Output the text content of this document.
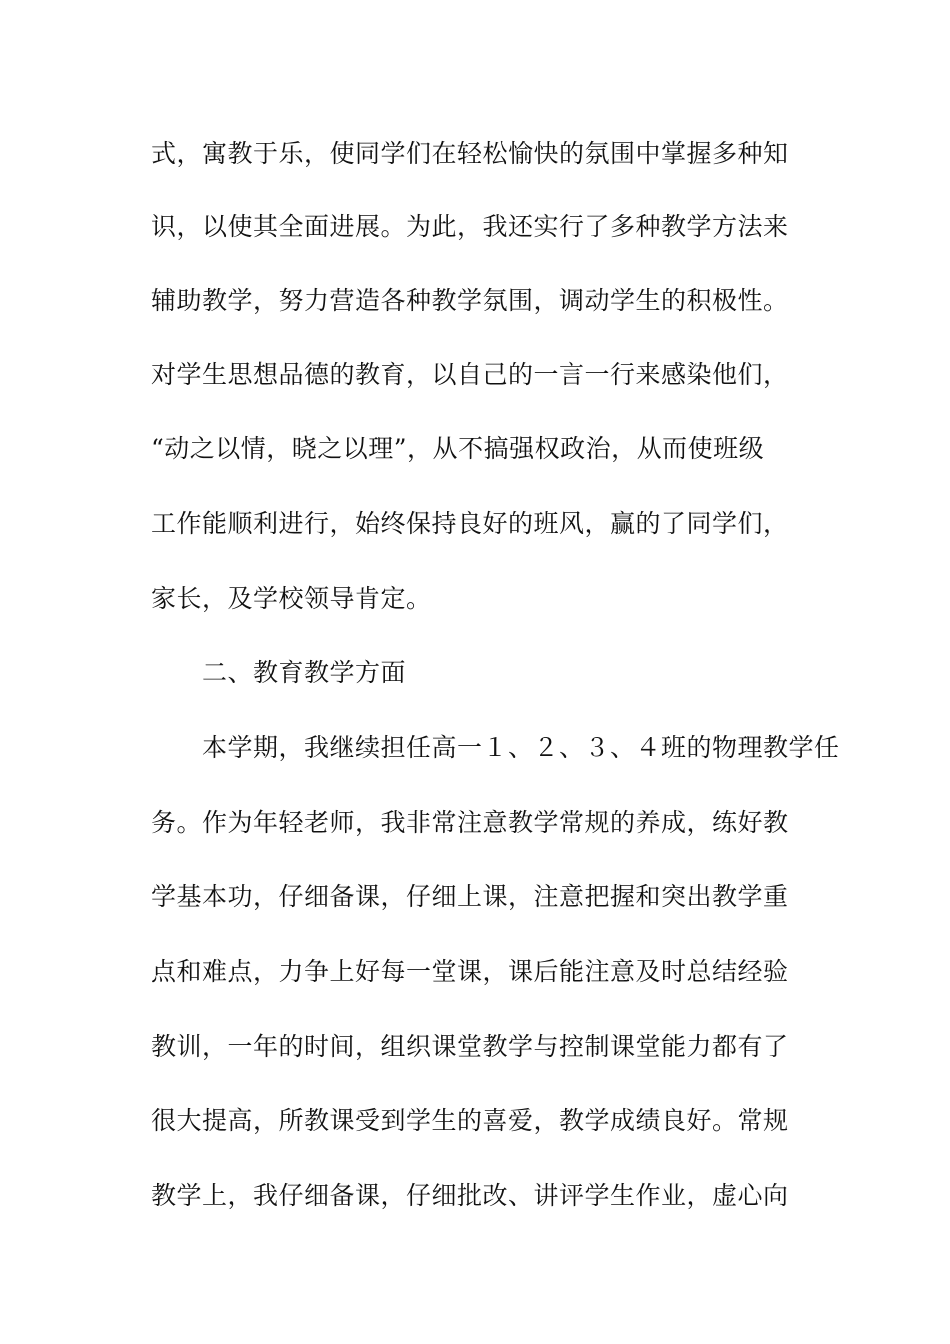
式，寓教于乐，使同学们在轻松愉快的氛围中掌握多种知
识，以使其全面进展。为此，我还实行了多种教学方法来
辅助教学，努力营造各种教学氛围，调动学生的积极性。
对学生思想品德的教育，以自己的一言一行来感染他们，
“动之以情，晓之以理”，从不搞强权政治，从而使班级
工作能顺利进行，始终保持良好的班风，赢的了同学们，
家长，及学校领导肯定。
二、教育教学方面
本学期，我继续担任高一１、２、３、４班的物理教学任
务。作为年轻老师，我非常注意教学常规的养成，练好教
学基本功，仔细备课，仔细上课，注意把握和突出教学重
点和难点，力争上好每一堂课，课后能注意及时总结经验
教训，一年的时间，组织课堂教学与控制课堂能力都有了
很大提高，所教课受到学生的喜爱，教学成绩良好。常规
教学上，我仔细备课，仔细批改、讲评学生作业，虚心向
